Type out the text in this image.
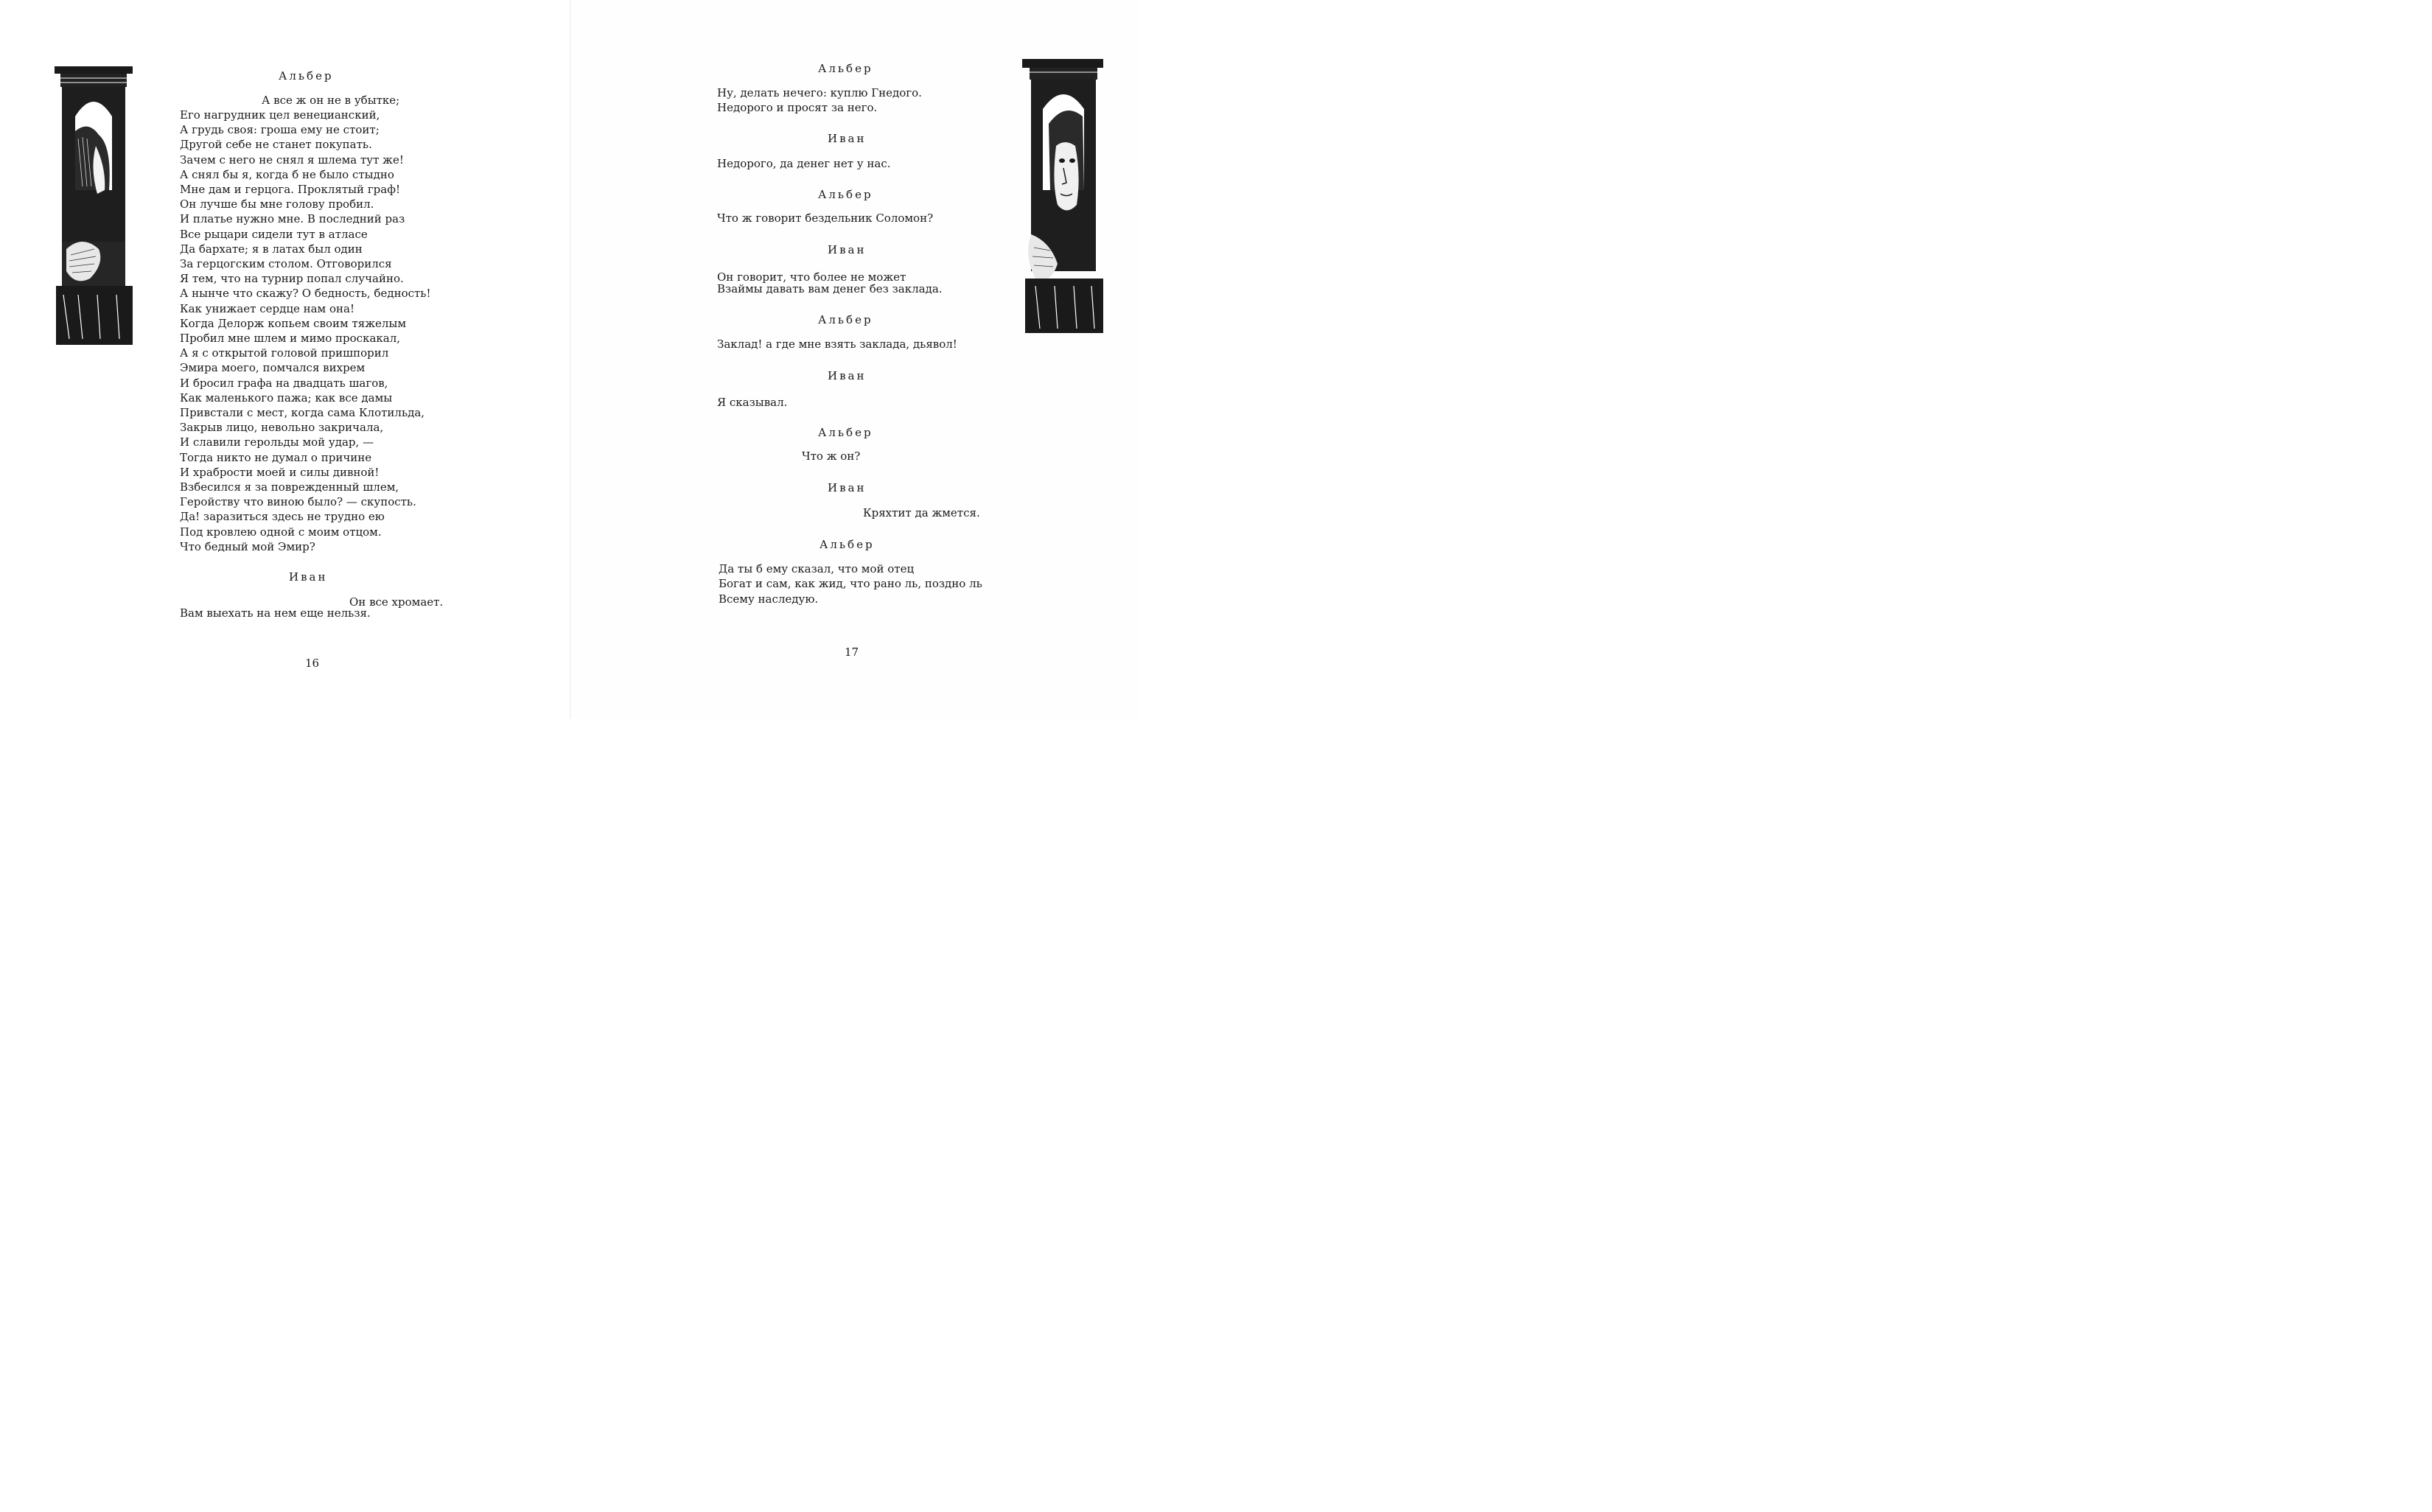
Альбер

А все ж он не в убытке;

Его нагрудник цел венецианский,

А грудь своя: гроша ему не стоит;

Другой себе не станет покупать.

Зачем с него не снял я шлема тут же!

А снял бы я, когда б не было стыдно

Мне дам и герцога. Проклятый граф!

Он лучше бы мне голову пробил.

И платье нужно мне. В последний раз

Все рыцари сидели тут в атласе

Да бархате; я в латах был один

За герцогским столом. Отговорился

Я тем, что на турнир попал случайно.

А нынче что скажу? О бедность, бедность!

Как унижает сердце нам она!

Когда Делорж копьем своим тяжелым

Пробил мне шлем и мимо проскакал,

А я с открытой головой пришпорил

Эмира моего, помчался вихрем

И бросил графа на двадцать шагов,

Как маленького пажа; как все дамы

Привстали с мест, когда сама Клотильда,

Закрыв лицо, невольно закричала,

И славили герольды мой удар, —

Тогда никто не думал о причине

И храбрости моей и силы дивной!

Взбесился я за поврежденный шлем,

Геройству что виною было? — скупость.

Да! заразиться здесь не трудно ею

Под кровлею одной с моим отцом.

Что бедный мой Эмир?

Иван

Он все хромает.

Вам выехать на нем еще нельзя.

16

Альбер

Ну, делать нечего: куплю Гнедого.

Недорого и просят за него.

Иван

Недорого, да денег нет у нас.

Альбер

Что ж говорит бездельник Соломон?

Иван

Он говорит, что более не может

Взаймы давать вам денег без заклада.

Альбер

Заклад! а где мне взять заклада, дьявол!

Иван

Я сказывал.

Альбер

Что ж он?

Иван

Кряхтит да жмется.

Альбер

Да ты б ему сказал, что мой отец

Богат и сам, как жид, что рано ль, поздно ль

Всему наследую.

17
